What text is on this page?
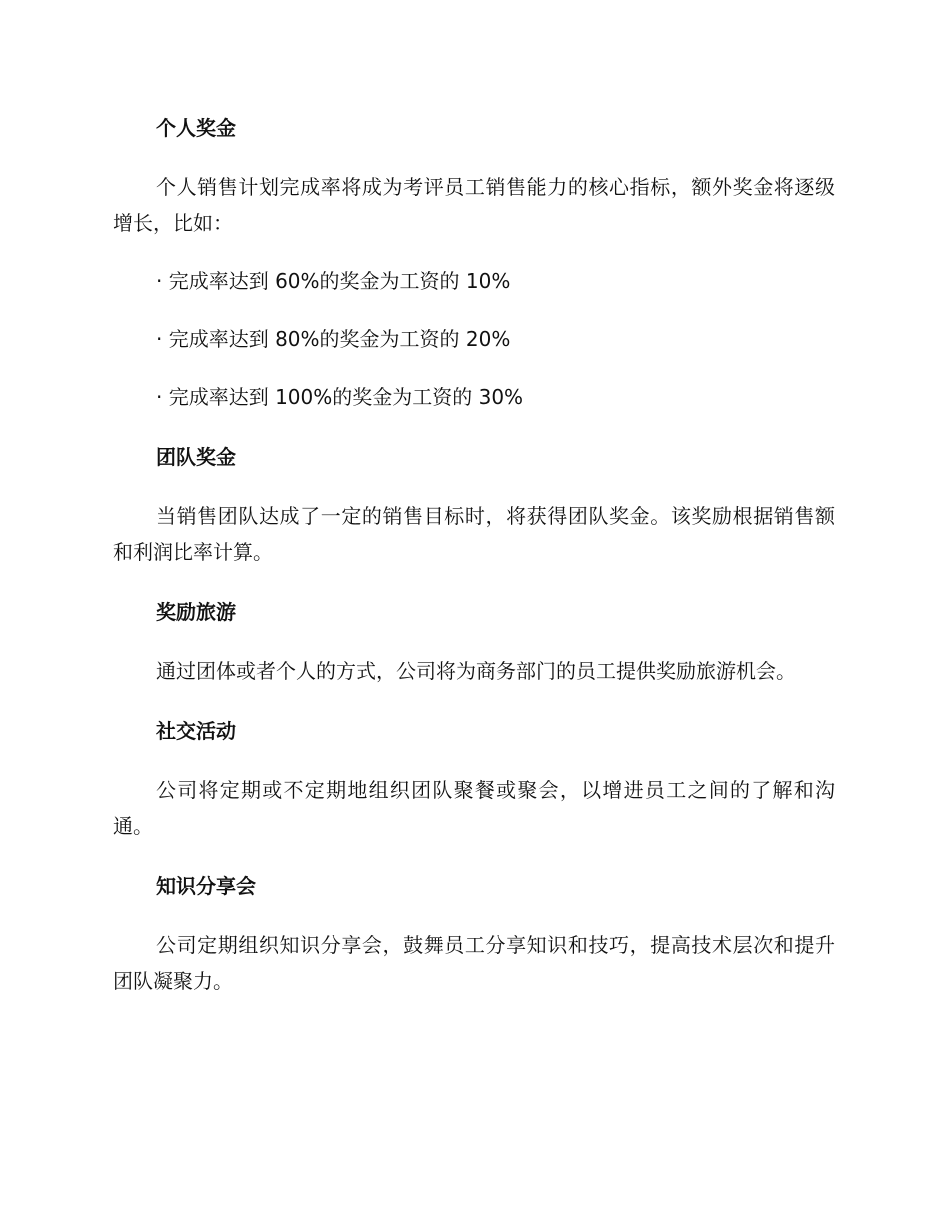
个人奖金

个人销售计划完成率将成为考评员工销售能力的核心指标，额外奖金将逐级增长，比如：

· 完成率达到 60%的奖金为工资的 10%

· 完成率达到 80%的奖金为工资的 20%

· 完成率达到 100%的奖金为工资的 30%

团队奖金

当销售团队达成了一定的销售目标时，将获得团队奖金。该奖励根据销售额和利润比率计算。

奖励旅游

通过团体或者个人的方式，公司将为商务部门的员工提供奖励旅游机会。

社交活动

公司将定期或不定期地组织团队聚餐或聚会，以增进员工之间的了解和沟通。

知识分享会

公司定期组织知识分享会，鼓舞员工分享知识和技巧，提高技术层次和提升团队凝聚力。
